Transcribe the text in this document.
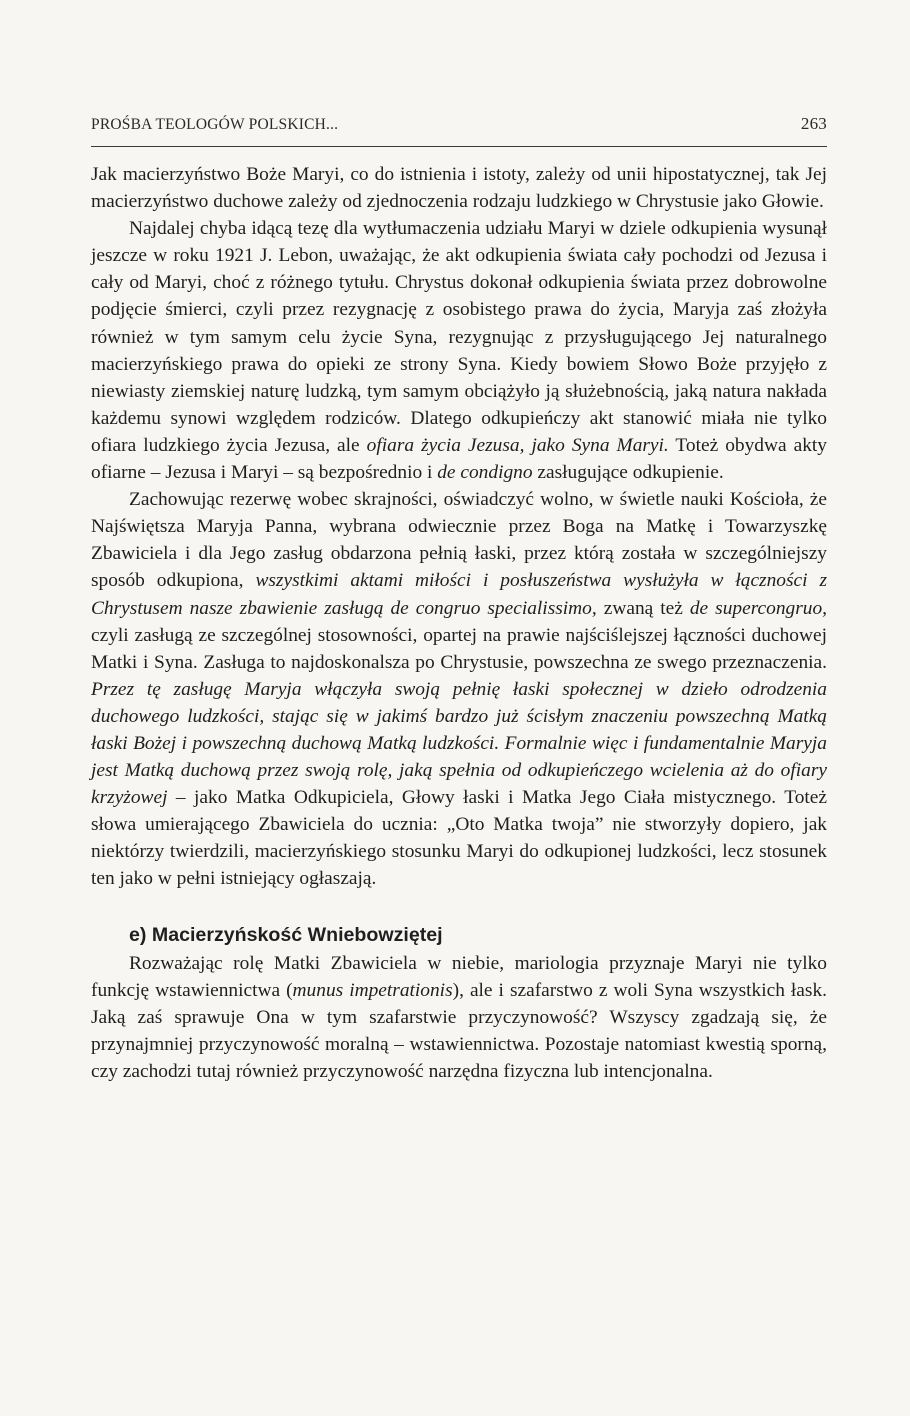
PROŚBA TEOLOGÓW POLSKICH...	263

Jak macierzyństwo Boże Maryi, co do istnienia i istoty, zależy od unii hipostatycznej, tak Jej macierzyństwo duchowe zależy od zjednoczenia rodzaju ludzkiego w Chrystusie jako Głowie.

Najdalej chyba idącą tezę dla wytłumaczenia udziału Maryi w dziele odkupienia wysunął jeszcze w roku 1921 J. Lebon, uważając, że akt odkupienia świata cały pochodzi od Jezusa i cały od Maryi, choć z różnego tytułu. Chrystus dokonał odkupienia świata przez dobrowolne podjęcie śmierci, czyli przez rezygnację z osobistego prawa do życia, Maryja zaś złożyła również w tym samym celu życie Syna, rezygnując z przysługującego Jej naturalnego macierzyńskiego prawa do opieki ze strony Syna. Kiedy bowiem Słowo Boże przyjęło z niewiasty ziemskiej naturę ludzką, tym samym obciążyło ją służebnością, jaką natura nakłada każdemu synowi względem rodziców. Dlatego odkupieńczy akt stanowić miała nie tylko ofiara ludzkiego życia Jezusa, ale ofiara życia Jezusa, jako Syna Maryi. Toteż obydwa akty ofiarne – Jezusa i Maryi – są bezpośrednio i de condigno zasługujące odkupienie.

Zachowując rezerwę wobec skrajności, oświadczyć wolno, w świetle nauki Kościoła, że Najświętsza Maryja Panna, wybrana odwiecznie przez Boga na Matkę i Towarzyszkę Zbawiciela i dla Jego zasług obdarzona pełnią łaski, przez którą została w szczególniejszy sposób odkupiona, wszystkimi aktami miłości i posłuszeństwa wysłużyła w łączności z Chrystusem nasze zbawienie zasługą de congruo specialissimo, zwaną też de supercongruo, czyli zasługą ze szczególnej stosowności, opartej na prawie najściślejszej łączności duchowej Matki i Syna. Zasługa to najdoskonalsza po Chrystusie, powszechna ze swego przeznaczenia. Przez tę zasługę Maryja włączyła swoją pełnię łaski społecznej w dzieło odrodzenia duchowego ludzkości, stając się w jakimś bardzo już ścisłym znaczeniu powszechną Matką łaski Bożej i powszechną duchową Matką ludzkości. Formalnie więc i fundamentalnie Maryja jest Matką duchową przez swoją rolę, jaką spełnia od odkupieńczego wcielenia aż do ofiary krzyżowej – jako Matka Odkupiciela, Głowy łaski i Matka Jego Ciała mistycznego. Toteż słowa umierającego Zbawiciela do ucznia: „Oto Matka twoja” nie stworzyły dopiero, jak niektórzy twierdzili, macierzyńskiego stosunku Maryi do odkupionej ludzkości, lecz stosunek ten jako w pełni istniejący ogłaszają.

e) Macierzyńskość Wniebowziętej

Rozważając rolę Matki Zbawiciela w niebie, mariologia przyznaje Maryi nie tylko funkcję wstawiennictwa (munus impetrationis), ale i szafarstwo z woli Syna wszystkich łask. Jaką zaś sprawuje Ona w tym szafarstwie przyczynowość? Wszyscy zgadzają się, że przynajmniej przyczynowość moralną – wstawiennictwa. Pozostaje natomiast kwestią sporną, czy zachodzi tutaj również przyczynowość narzędna fizyczna lub intencjonalna.
